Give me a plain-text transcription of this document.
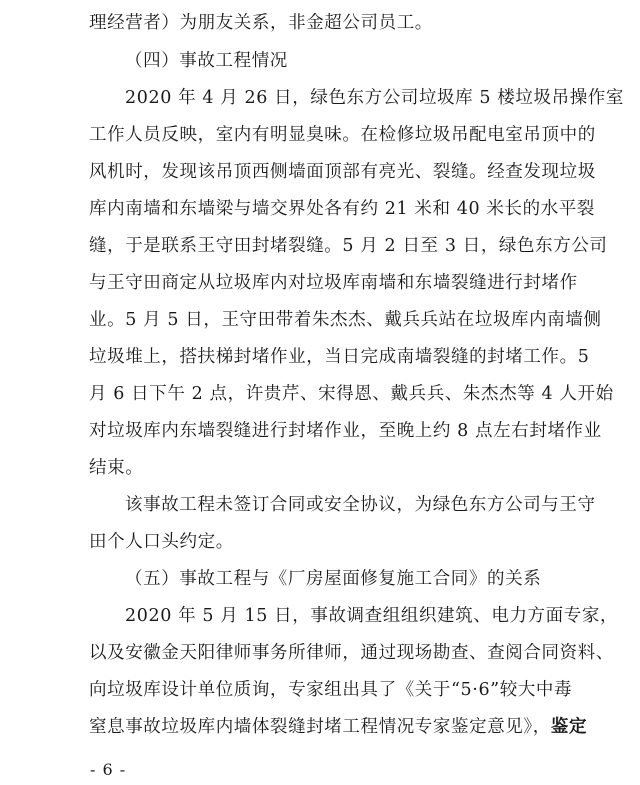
理经营者）为朋友关系，非金超公司员工。
（四）事故工程情况
2020 年 4 月 26 日，绿色东方公司垃圾库 5 楼垃圾吊操作室
工作人员反映，室内有明显臭味。在检修垃圾吊配电室吊顶中的
风机时，发现该吊顶西侧墙面顶部有亮光、裂缝。经查发现垃圾
库内南墙和东墙梁与墙交界处各有约 21 米和 40 米长的水平裂
缝，于是联系王守田封堵裂缝。5 月 2 日至 3 日，绿色东方公司
与王守田商定从垃圾库内对垃圾库南墙和东墙裂缝进行封堵作
业。5 月 5 日，王守田带着朱杰杰、戴兵兵站在垃圾库内南墙侧
垃圾堆上，搭扶梯封堵作业，当日完成南墙裂缝的封堵工作。5
月 6 日下午 2 点，许贵芹、宋得恩、戴兵兵、朱杰杰等 4 人开始
对垃圾库内东墙裂缝进行封堵作业，至晚上约 8 点左右封堵作业
结束。
该事故工程未签订合同或安全协议，为绿色东方公司与王守
田个人口头约定。
（五）事故工程与《厂房屋面修复施工合同》的关系
2020 年 5 月 15 日，事故调查组组织建筑、电力方面专家，
以及安徽金天阳律师事务所律师，通过现场勘查、查阅合同资料、
向垃圾库设计单位质询，专家组出具了《关于“5·6”较大中毒
窒息事故垃圾库内墙体裂缝封堵工程情况专家鉴定意见》，鉴定
- 6 -
